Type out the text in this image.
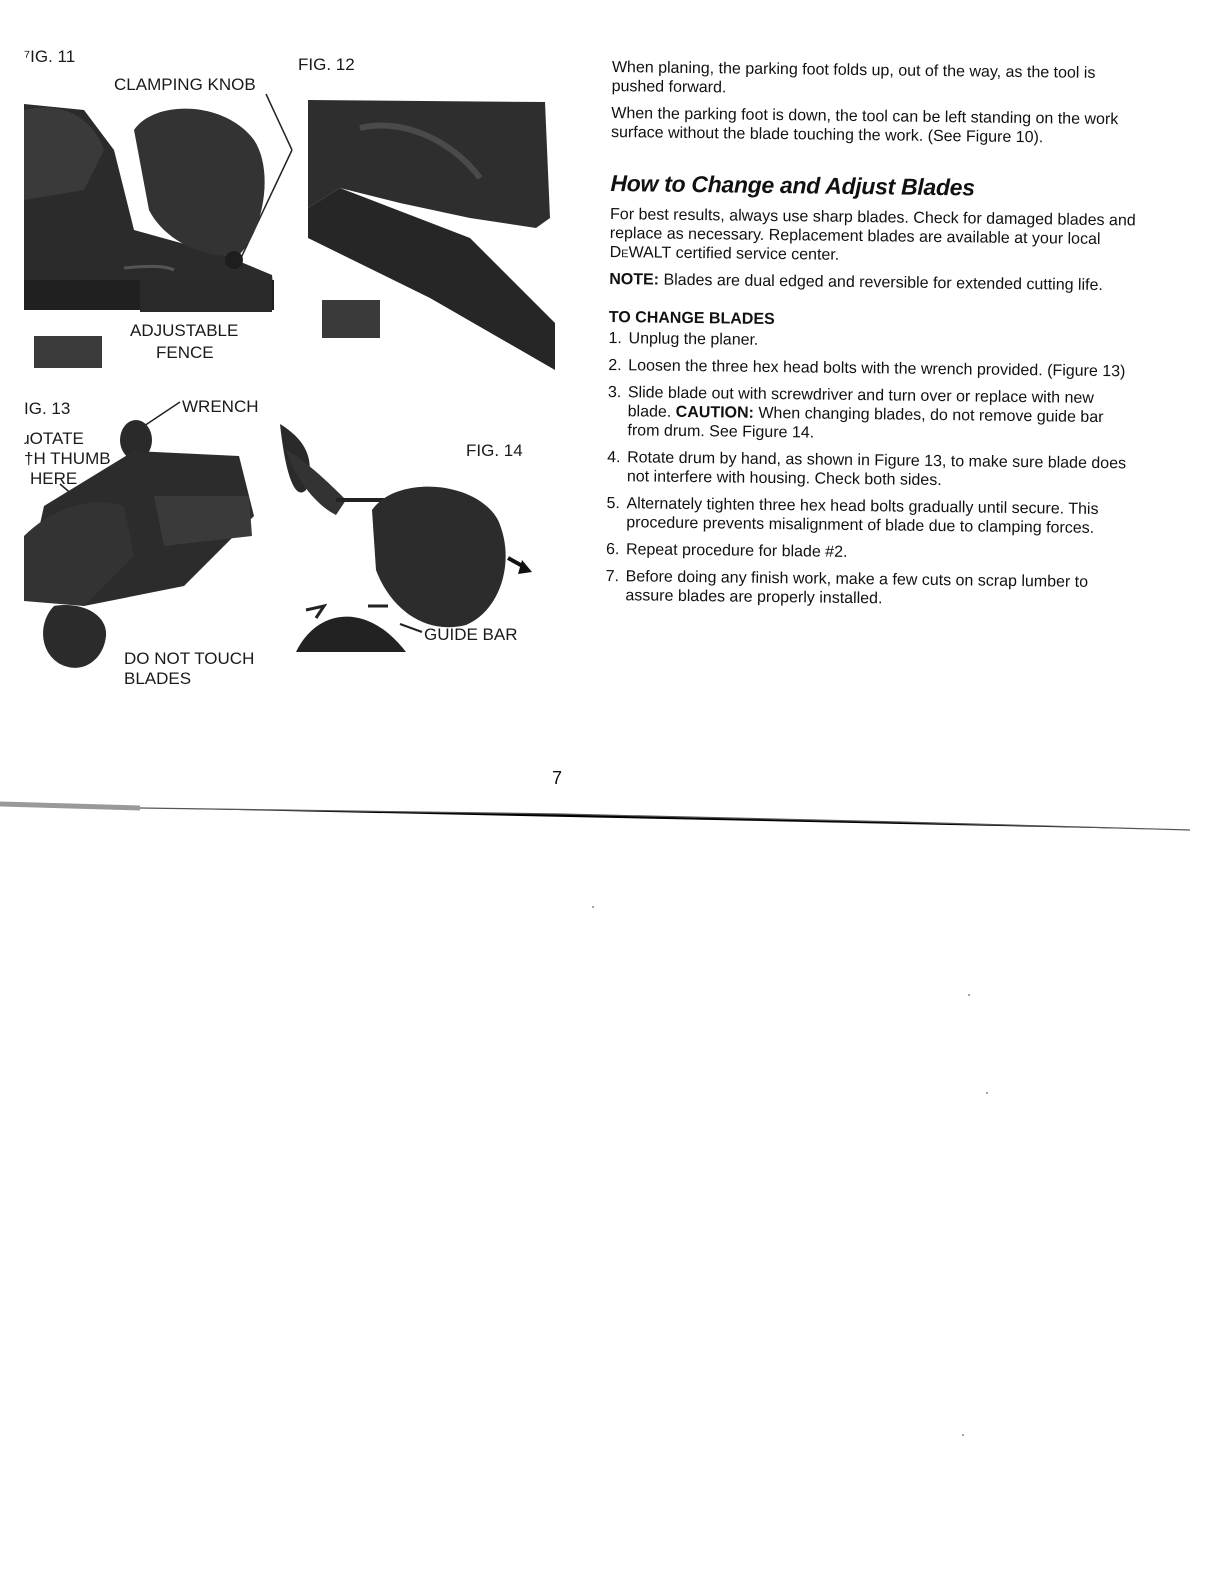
⁷IG. 11
CLAMPING KNOB
ADJUSTABLE
FENCE
FIG. 12
IG. 13	WRENCH
ɹOTATE
†H THUMB
HERE
DO NOT TOUCH
BLADES
FIG. 14
GUIDE BAR

When planing, the parking foot folds up, out of the way, as the tool is pushed forward.

When the parking foot is down, the tool can be left standing on the work surface without the blade touching the work. (See Figure 10).

How to Change and Adjust Blades

For best results, always use sharp blades. Check for damaged blades and replace as necessary. Replacement blades are available at your local DeWALT certified service center.

NOTE: Blades are dual edged and reversible for extended cutting life.

TO CHANGE BLADES
1. Unplug the planer.
2. Loosen the three hex head bolts with the wrench provided. (Figure 13)
3. Slide blade out with screwdriver and turn over or replace with new blade. CAUTION: When changing blades, do not remove guide bar from drum. See Figure 14.
4. Rotate drum by hand, as shown in Figure 13, to make sure blade does not interfere with housing. Check both sides.
5. Alternately tighten three hex head bolts gradually until secure. This procedure prevents misalignment of blade due to clamping forces.
6. Repeat procedure for blade #2.
7. Before doing any finish work, make a few cuts on scrap lumber to assure blades are properly installed.
7
